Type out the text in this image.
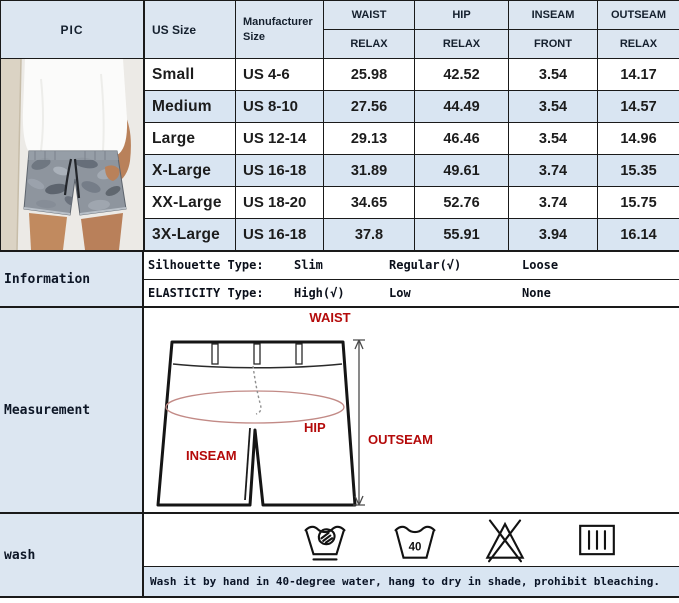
PIC	US Size
Manufacturer Size
WAIST	HIP	INSEAM	OUTSEAM
RELAX	RELAX	FRONT	RELAX
Small	US 4-6	25.98	42.52	3.54	14.17
Medium	US 8-10	27.56	44.49	3.54	14.57
Large	US 12-14	29.13	46.46	3.54	14.96
X-Large	US 16-18	31.89	49.61	3.74	15.35
XX-Large	US 18-20	34.65	52.76	3.74	15.75
3X-Large	US 16-18	37.8	55.91	3.94	16.14
Information
Silhouette Type:	Slim	Regular(√)	Loose
ELASTICITY Type:	High(√)	Low	None
Measurement
WAIST
HIP
INSEAM
OUTSEAM
wash	40
Wash it by hand in 40-degree water, hang to dry in shade, prohibit bleaching.
